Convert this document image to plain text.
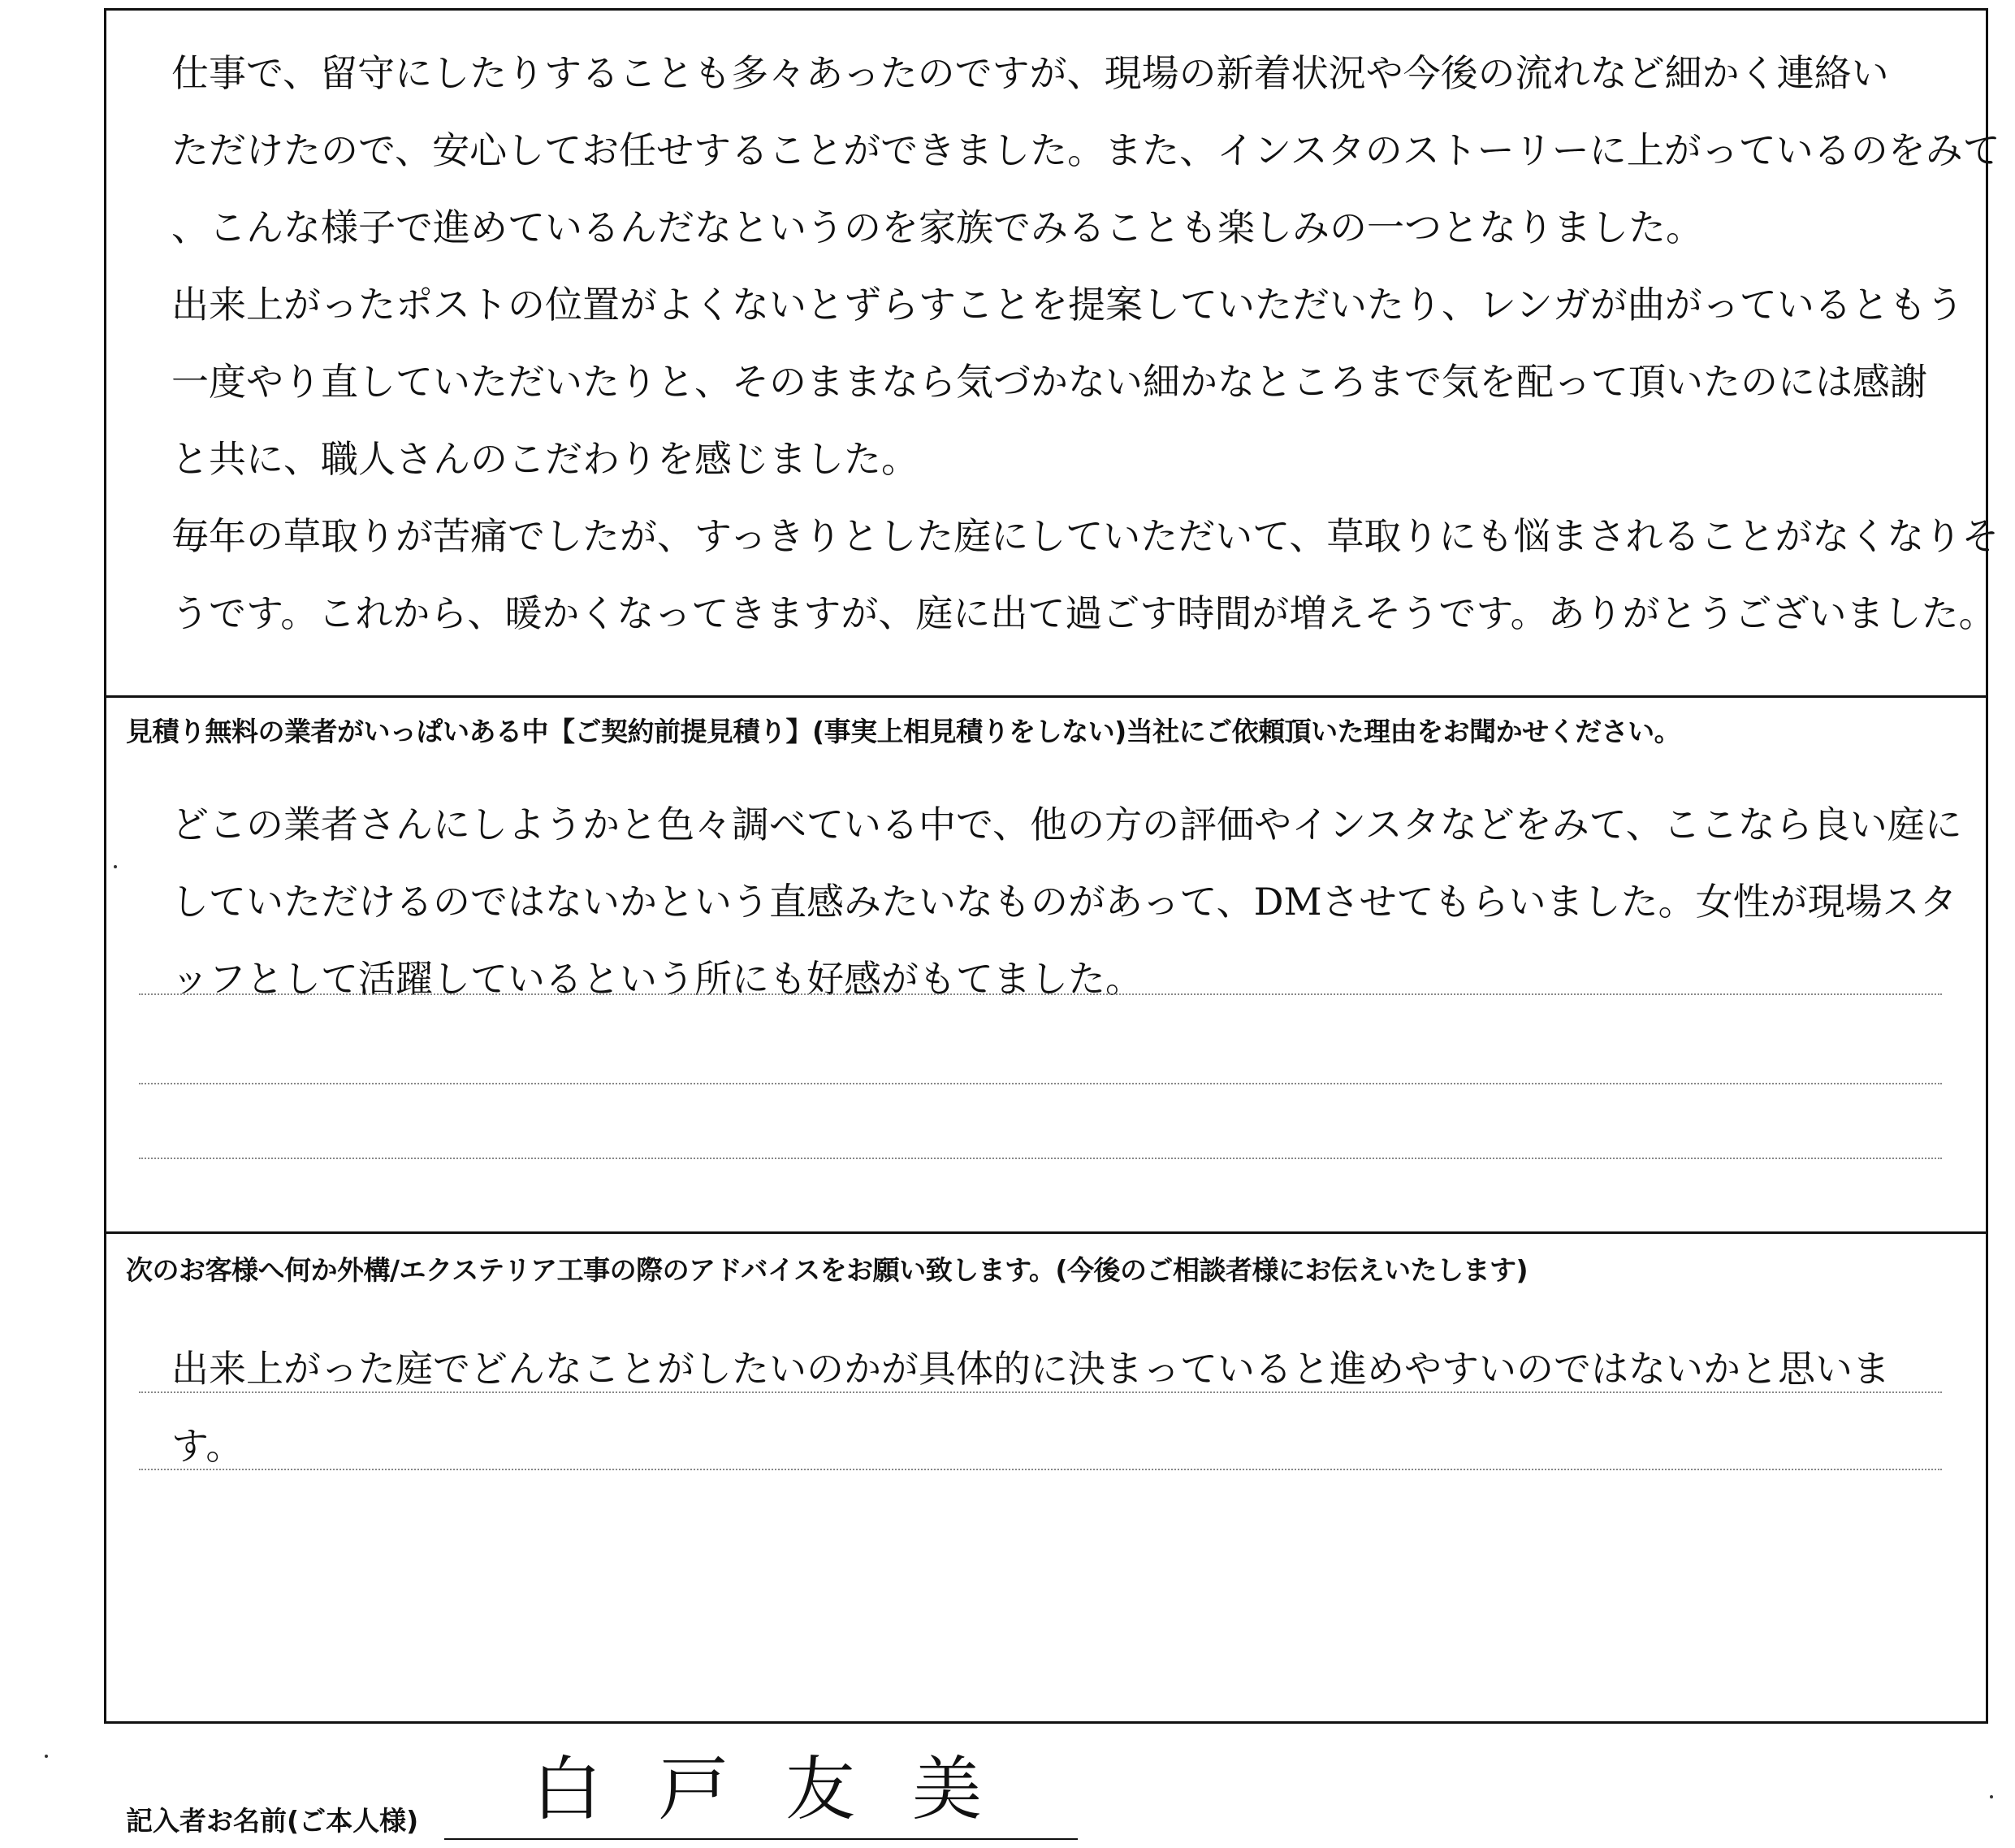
仕事で、留守にしたりすることも多々あったのですが、現場の新着状況や今後の流れなど細かく連絡い
ただけたので、安心してお任せすることができました。また、インスタのストーリーに上がっているのをみて
、こんな様子で進めているんだなというのを家族でみることも楽しみの一つとなりました。
出来上がったポストの位置がよくないとずらすことを提案していただいたり、レンガが曲がっているともう
一度やり直していただいたりと、そのままなら気づかない細かなところまで気を配って頂いたのには感謝
と共に、職人さんのこだわりを感じました。
毎年の草取りが苦痛でしたが、すっきりとした庭にしていただいて、草取りにも悩まされることがなくなりそ
うです。これから、暖かくなってきますが、庭に出て過ごす時間が増えそうです。ありがとうございました。
見積り無料の業者がいっぱいある中【ご契約前提見積り】(事実上相見積りをしない)当社にご依頼頂いた理由をお聞かせください。
どこの業者さんにしようかと色々調べている中で、他の方の評価やインスタなどをみて、ここなら良い庭に
していただけるのではないかという直感みたいなものがあって、DMさせてもらいました。女性が現場スタ
ッフとして活躍しているという所にも好感がもてました。
次のお客様へ何か外構/エクステリア工事の際のアドバイスをお願い致します。(今後のご相談者様にお伝えいたします)
出来上がった庭でどんなことがしたいのかが具体的に決まっていると進めやすいのではないかと思いま
す。
記入者お名前(ご本人様) 白戸友美
